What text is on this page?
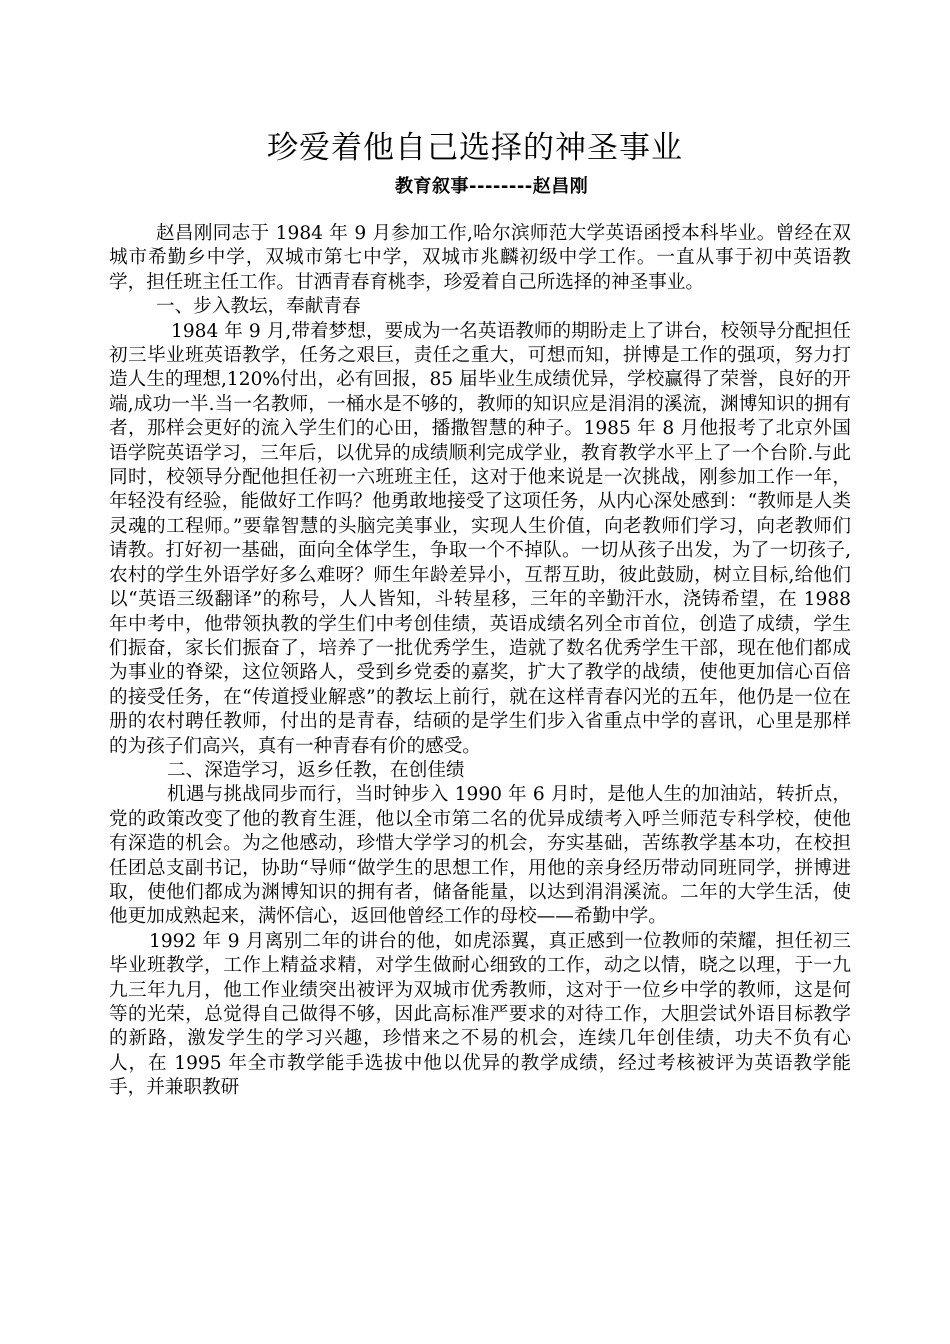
珍爱着他自己选择的神圣事业
教育叙事--------赵昌刚

赵昌刚同志于 1984 年 9 月参加工作,哈尔滨师范大学英语函授本科毕业。曾经在双城市希勤乡中学，双城市第七中学，双城市兆麟初级中学工作。一直从事于初中英语教学，担任班主任工作。甘洒青春育桃李，珍爱着自己所选择的神圣事业。

一、步入教坛，奉献青春

1984 年 9 月,带着梦想，要成为一名英语教师的期盼走上了讲台，校领导分配担任初三毕业班英语教学，任务之艰巨，责任之重大，可想而知，拼博是工作的强项，努力打造人生的理想,120%付出，必有回报，85 届毕业生成绩优异，学校赢得了荣誉，良好的开端,成功一半.当一名教师，一桶水是不够的，教师的知识应是涓涓的溪流，渊博知识的拥有者，那样会更好的流入学生们的心田，播撒智慧的种子。1985 年 8 月他报考了北京外国语学院英语学习，三年后，以优异的成绩顺利完成学业，教育教学水平上了一个台阶.与此同时，校领导分配他担任初一六班班主任，这对于他来说是一次挑战，刚参加工作一年，年轻没有经验，能做好工作吗？他勇敢地接受了这项任务，从内心深处感到：“教师是人类灵魂的工程师。”要靠智慧的头脑完美事业，实现人生价值，向老教师们学习，向老教师们请教。打好初一基础，面向全体学生，争取一个不掉队。一切从孩子出发，为了一切孩子,农村的学生外语学好多么难呀？师生年龄差异小，互帮互助，彼此鼓励，树立目标,给他们以“英语三级翻译”的称号，人人皆知，斗转星移，三年的辛勤汗水，浇铸希望，在 1988 年中考中，他带领执教的学生们中考创佳绩，英语成绩名列全市首位，创造了成绩，学生们振奋，家长们振奋了，培养了一批优秀学生，造就了数名优秀学生干部，现在他们都成为事业的脊梁，这位领路人，受到乡党委的嘉奖，扩大了教学的战绩，使他更加信心百倍的接受任务，在“传道授业解惑”的教坛上前行，就在这样青春闪光的五年，他仍是一位在册的农村聘任教师，付出的是青春，结硕的是学生们步入省重点中学的喜讯，心里是那样的为孩子们高兴，真有一种青春有价的感受。

二、深造学习，返乡任教，在创佳绩

机遇与挑战同步而行，当时钟步入 1990 年 6 月时，是他人生的加油站，转折点，党的政策改变了他的教育生涯，他以全市第二名的优异成绩考入呼兰师范专科学校，使他有深造的机会。为之他感动，珍惜大学学习的机会，夯实基础，苦练教学基本功，在校担任团总支副书记，协助“导师“做学生的思想工作，用他的亲身经历带动同班同学，拼博进取，使他们都成为渊博知识的拥有者，储备能量，以达到涓涓溪流。二年的大学生活，使他更加成熟起来，满怀信心，返回他曾经工作的母校——希勤中学。

1992 年 9 月离别二年的讲台的他，如虎添翼，真正感到一位教师的荣耀，担任初三毕业班教学，工作上精益求精，对学生做耐心细致的工作，动之以情，晓之以理，于一九九三年九月，他工作业绩突出被评为双城市优秀教师，这对于一位乡中学的教师，这是何等的光荣，总觉得自己做得不够，因此高标准严要求的对待工作，大胆尝试外语目标教学的新路，激发学生的学习兴趣，珍惜来之不易的机会，连续几年创佳绩，功夫不负有心人，在 1995 年全市教学能手选拔中他以优异的教学成绩，经过考核被评为英语教学能手，并兼职教研
